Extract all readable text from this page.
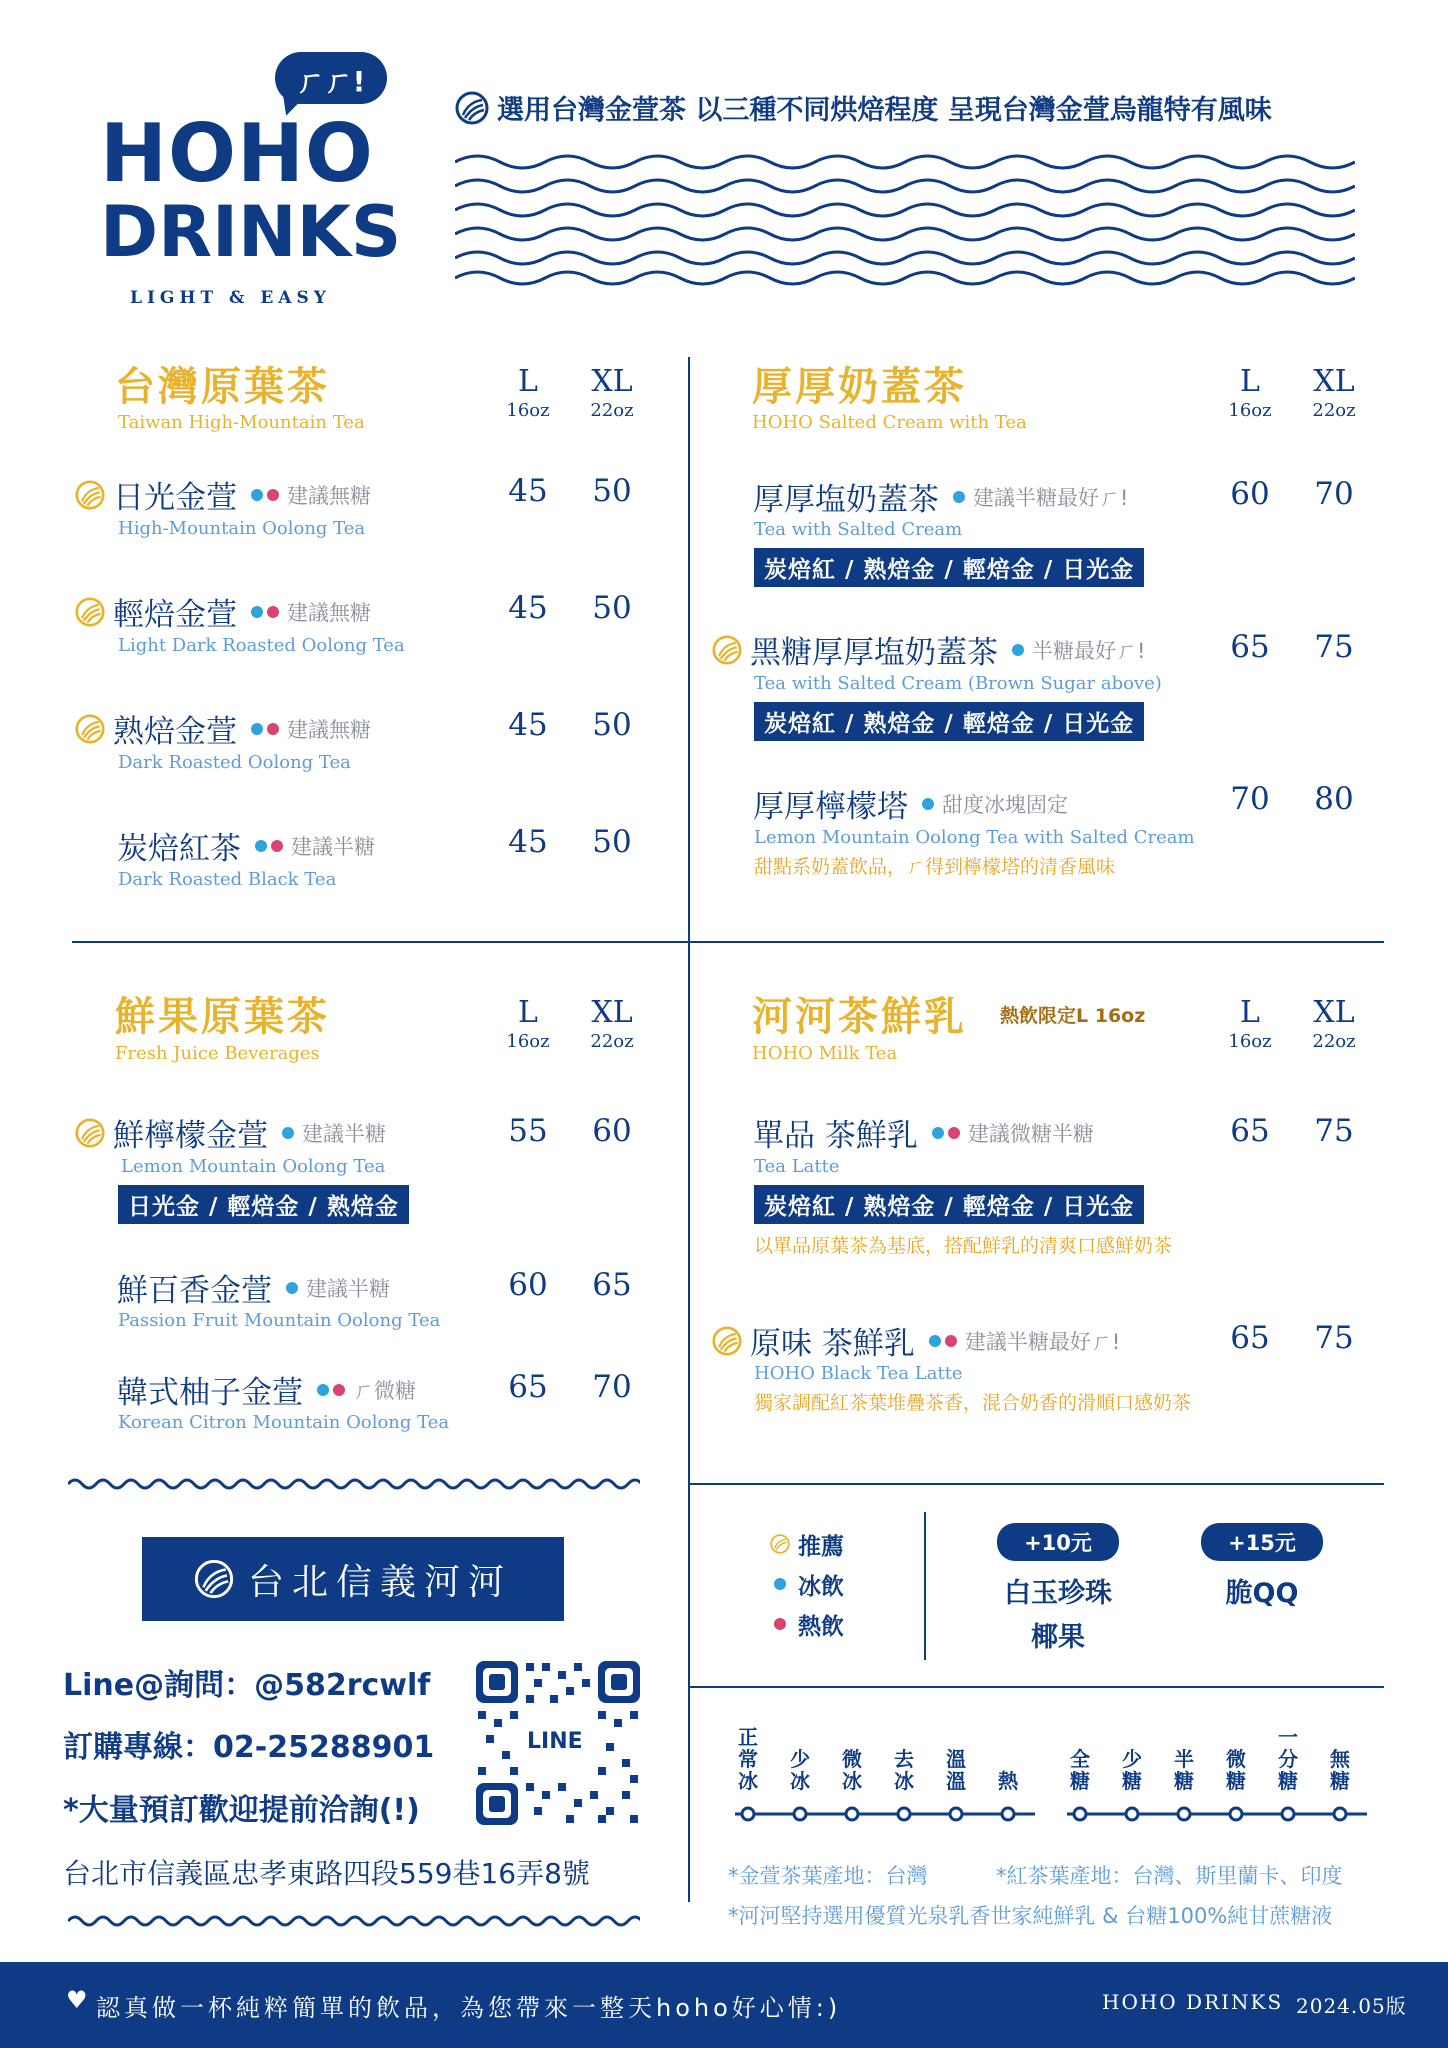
ㄏㄏ!
HOHO
DRINKS
LIGHT & EASY
選用台灣金萱茶 以三種不同烘焙程度 呈現台灣金萱烏龍特有風味
台灣原葉茶
Taiwan High-Mountain Tea
L
16oz
XL
22oz
日光金萱 建議無糖
High-Mountain Oolong Tea
45	50
輕焙金萱 建議無糖
Light Dark Roasted Oolong Tea
45	50
熟焙金萱 建議無糖
Dark Roasted Oolong Tea
45	50
炭焙紅茶 建議半糖
Dark Roasted Black Tea
45	50
厚厚奶蓋茶
HOHO Salted Cream with Tea
L
16oz
XL
22oz
厚厚塩奶蓋茶 建議半糖最好ㄏ!
Tea with Salted Cream
炭焙紅 / 熟焙金 / 輕焙金 / 日光金
60	70
黑糖厚厚塩奶蓋茶 半糖最好ㄏ!
Tea with Salted Cream (Brown Sugar above)
炭焙紅 / 熟焙金 / 輕焙金 / 日光金
65	75
厚厚檸檬塔 甜度冰塊固定
Lemon Mountain Oolong Tea with Salted Cream
甜點系奶蓋飲品，ㄏ得到檸檬塔的清香風味
70	80
鮮果原葉茶
Fresh Juice Beverages
L
16oz
XL
22oz
鮮檸檬金萱 建議半糖
Lemon Mountain Oolong Tea
日光金 / 輕焙金 / 熟焙金
55	60
鮮百香金萱 建議半糖
Passion Fruit Mountain Oolong Tea
60	65
韓式柚子金萱 ㄏ微糖
Korean Citron Mountain Oolong Tea
65	70
河河茶鮮乳 熱飲限定L 16oz
HOHO Milk Tea
L
16oz
XL
22oz
單品 茶鮮乳 建議微糖半糖
Tea Latte
炭焙紅 / 熟焙金 / 輕焙金 / 日光金
以單品原葉茶為基底，搭配鮮乳的清爽口感鮮奶茶
65	75
原味 茶鮮乳 建議半糖最好ㄏ!
HOHO Black Tea Latte
獨家調配紅茶葉堆疊茶香，混合奶香的滑順口感奶茶
65	75
台北信義河河
Line@詢問：@582rcwlf
訂購專線：02-25288901
*大量預訂歡迎提前洽詢(!)
台北市信義區忠孝東路四段559巷16弄8號
LINE
推薦
冰飲
熱飲
+10元
白玉珍珠
椰果
+15元
脆QQ
正常冰
少冰
微冰
去冰
溫溫 熱
全糖
少糖
半糖
微糖
一分糖
無糖
*金萱茶葉產地：台灣	*紅茶葉產地：台灣、斯里蘭卡、印度
*河河堅持選用優質光泉乳香世家純鮮乳 & 台糖100%純甘蔗糖液
♥ 認真做一杯純粹簡單的飲品，為您帶來一整天hoho好心情:)	HOHO DRINKS 2024.05版
